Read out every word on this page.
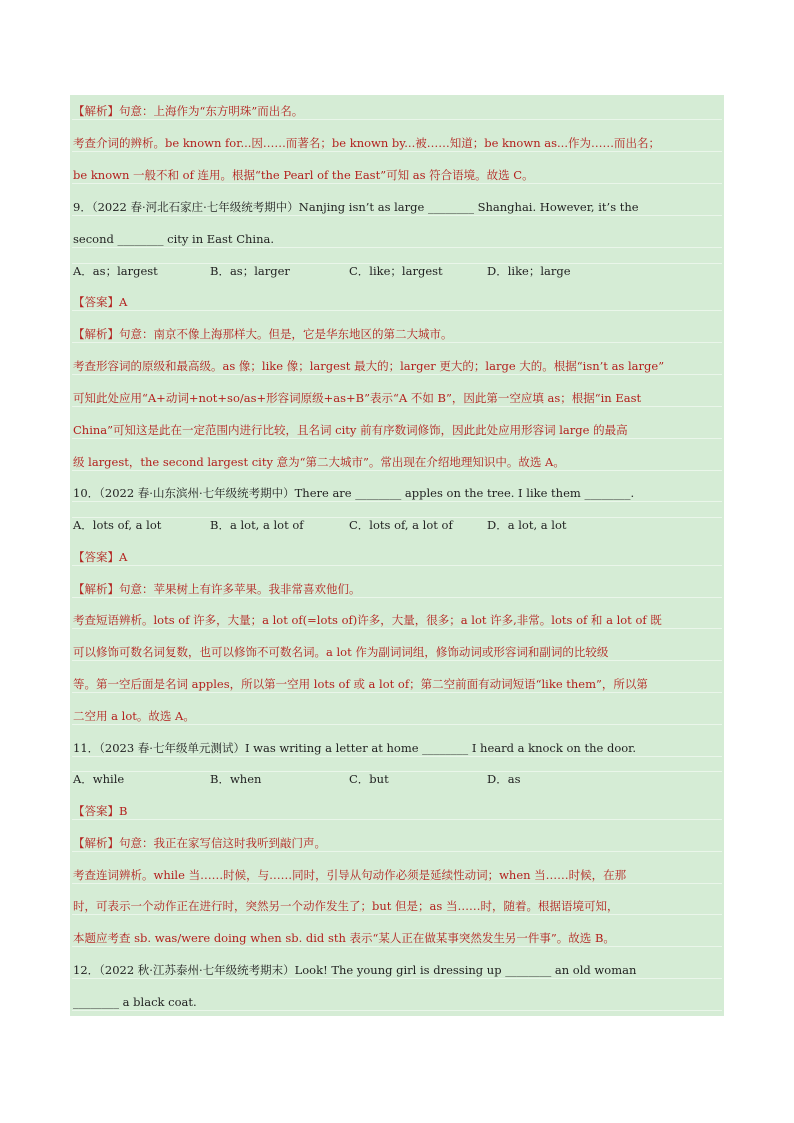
【解析】句意：上海作为“东方明珠”而出名。
考查介词的辨析。be known for...因……而著名；be known by...被……知道；be known as...作为……而出名；
be known 一般不和 of 连用。根据“the Pearl of the East”可知 as 符合语境。故选 C。
9．（2022 春·河北石家庄·七年级统考期中）Nanjing isn’t as large ________ Shanghai. However, it’s the
second ________ city in East China.
A．as；largest	B．as；larger	C．like；largest	D．like；large
【答案】A
【解析】句意：南京不像上海那样大。但是，它是华东地区的第二大城市。
考查形容词的原级和最高级。as 像；like 像；largest 最大的；larger 更大的；large 大的。根据“isn’t as large”
可知此处应用“A+动词+not+so/as+形容词原级+as+B”表示“A 不如 B”，因此第一空应填 as；根据“in East
China”可知这是此在一定范围内进行比较，且名词 city 前有序数词修饰，因此此处应用形容词 large 的最高
级 largest，the second largest city 意为“第二大城市”。常出现在介绍地理知识中。故选 A。
10．（2022 春·山东滨州·七年级统考期中）There are ________ apples on the tree. I like them ________.
A．lots of, a lot	B．a lot, a lot of	C．lots of, a lot of	D．a lot, a lot
【答案】A
【解析】句意：苹果树上有许多苹果。我非常喜欢他们。
考查短语辨析。lots of 许多，大量；a lot of(=lots of)许多，大量，很多；a lot 许多,非常。lots of 和 a lot of 既
可以修饰可数名词复数，也可以修饰不可数名词。a lot 作为副词词组，修饰动词或形容词和副词的比较级
等。第一空后面是名词 apples，所以第一空用 lots of 或 a lot of；第二空前面有动词短语“like them”，所以第
二空用 a lot。故选 A。
11．（2023 春·七年级单元测试）I was writing a letter at home ________ I heard a knock on the door.
A．while	B．when	C．but	D．as
【答案】B
【解析】句意：我正在家写信这时我听到敲门声。
考查连词辨析。while 当……时候，与……同时，引导从句动作必须是延续性动词；when 当……时候，在那
时，可表示一个动作正在进行时，突然另一个动作发生了；but 但是；as 当……时，随着。根据语境可知，
本题应考查 sb. was/were doing when sb. did sth 表示“某人正在做某事突然发生另一件事”。故选 B。
12．（2022 秋·江苏泰州·七年级统考期末）Look! The young girl is dressing up ________ an old woman
________ a black coat.
